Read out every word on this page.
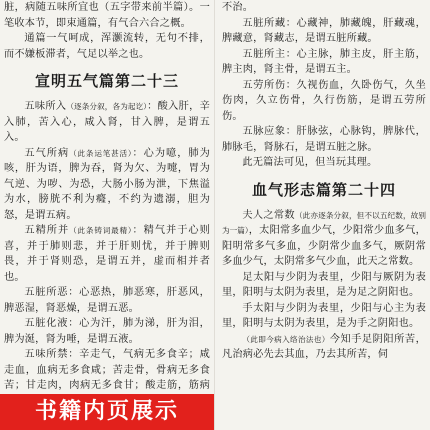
脏，病随五味所宜也（五字带来前半篇）。一笔收本节，即束通篇，有气合六合之概。

通篇一气呵成，浑灏流转，无句不排，而不嫌板滞者，气足以举之也。

宣明五气篇第二十三

五味所入（逐条分叙，各为起讫）：酸入肝，辛入肺，苦入心，咸入肾，甘入脾，是谓五入。

五气所病（此条运笔甚活）：心为噫，肺为咳，肝为语，脾为吞，肾为欠、为嚏，胃为气逆、为哕、为恐，大肠小肠为泄，下焦溢为水，膀胱不利为癃，不约为遗溺，胆为怒，是谓五病。

五精所并（此条铸词最精）：精气并于心则喜，并于肺则悲，并于肝则忧，并于脾则畏，并于肾则恐，是谓五并，虚而相并者也。

五脏所恶：心恶热，肺恶寒，肝恶风，脾恶湿，肾恶燥，是谓五恶。

五脏化液：心为汗，肺为涕，肝为泪，脾为涎，肾为唾，是谓五液。

五味所禁：辛走气，气病无多食辛；咸走血，血病无多食咸；苦走骨，骨病无多食苦；甘走肉，肉病无多食甘；酸走筋，筋病

不治。

五脏所藏：心藏神，肺藏魄，肝藏魂，脾藏意，肾藏志，是谓五脏所藏。

五脏所主：心主脉，肺主皮，肝主筋，脾主肉，肾主骨，是谓五主。

五劳所伤：久视伤血，久卧伤气，久坐伤肉，久立伤骨，久行伤筋，是谓五劳所伤。

五脉应象：肝脉弦，心脉钩，脾脉代，肺脉毛，肾脉石，是谓五脏之脉。

此无篇法可见，但当玩其理。

血气形志篇第二十四

夫人之常数（此亦逐条分叙，但不以五纪数，故别为一篇），太阳常多血少气，少阳常少血多气，阳明常多气多血，少阴常少血多气，厥阴常多血少气，太阴常多气少血，此天之常数。

足太阳与少阴为表里，少阳与厥阴为表里，阳明与太阴为表里，是为足之阴阳也。

手太阳与少阴为表里，少阳与心主为表里，阳明与太阴为表里，是为手之阴阳也。

（此即今病入络治法也）今知手足阴阳所苦，凡治病必先去其血，乃去其所苦，伺

书籍内页展示
